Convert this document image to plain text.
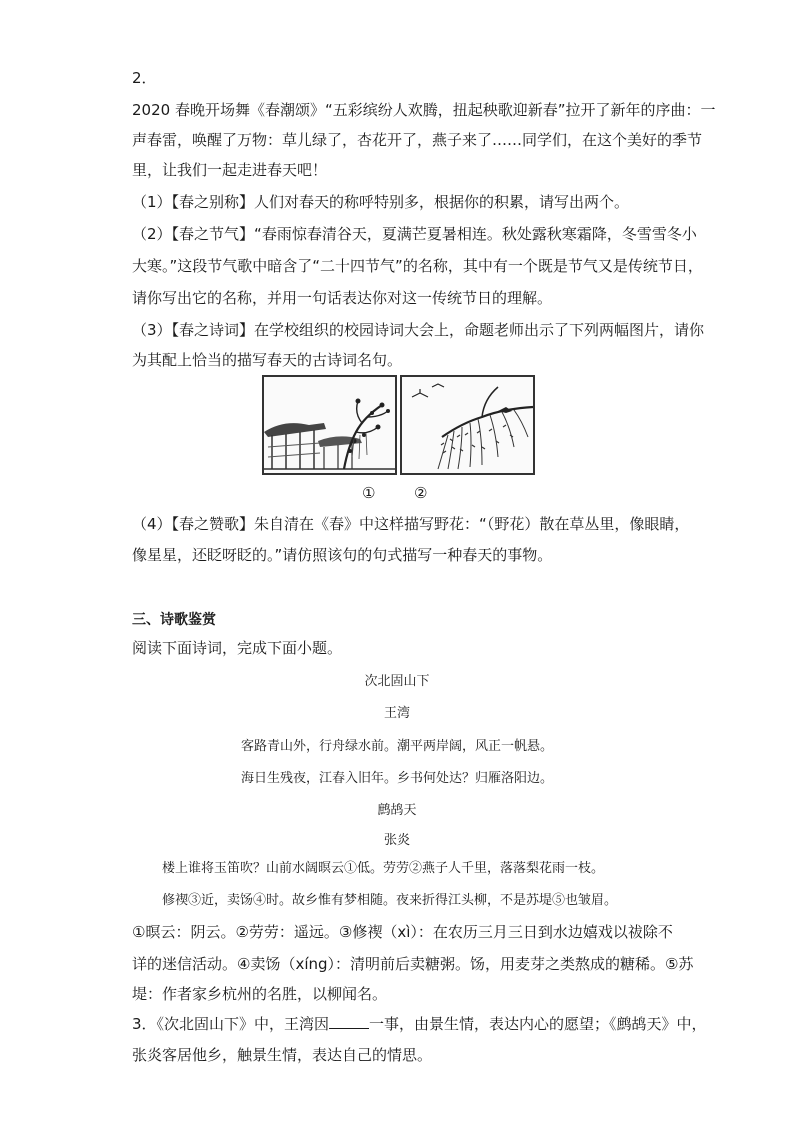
2．
2020 春晚开场舞《春潮颂》“五彩缤纷人欢腾，扭起秧歌迎新春”拉开了新年的序曲：一
声春雷，唤醒了万物：草儿绿了，杏花开了，燕子来了……同学们，在这个美好的季节
里，让我们一起走进春天吧！
（1）【春之别称】人们对春天的称呼特别多，根据你的积累，请写出两个。
（2）【春之节气】“春雨惊春清谷天，夏满芒夏暑相连。秋处露秋寒霜降，冬雪雪冬小
大寒。”这段节气歌中暗含了“二十四节气”的名称，其中有一个既是节气又是传统节日，
请你写出它的名称，并用一句话表达你对这一传统节日的理解。
（3）【春之诗词】在学校组织的校园诗词大会上，命题老师出示了下列两幅图片，请你
为其配上恰当的描写春天的古诗词名句。
①	②
（4）【春之赞歌】朱自清在《春》中这样描写野花：“（野花）散在草丛里，像眼睛，
像星星，还眨呀眨的。”请仿照该句的句式描写一种春天的事物。
三、诗歌鉴赏
阅读下面诗词，完成下面小题。
次北固山下
王湾
客路青山外，行舟绿水前。潮平两岸阔，风正一帆悬。
海日生残夜，江春入旧年。乡书何处达？归雁洛阳边。
鹧鸪天
张炎
楼上谁将玉笛吹？山前水阔暝云①低。劳劳②燕子人千里，落落梨花雨一枝。
修禊③近，卖饧④时。故乡惟有梦相随。夜来折得江头柳，不是苏堤⑤也皱眉。
①暝云：阴云。②劳劳：遥远。③修禊（xì）：在农历三月三日到水边嬉戏以祓除不
详的迷信活动。④卖饧（xíng）：清明前后卖糖粥。饧，用麦芽之类熬成的糖稀。⑤苏
堤：作者家乡杭州的名胜，以柳闻名。
3．《次北固山下》中，王湾因	一事，由景生情，表达内心的愿望；《鹧鸪天》中，
张炎客居他乡，触景生情，表达自己的情思。
